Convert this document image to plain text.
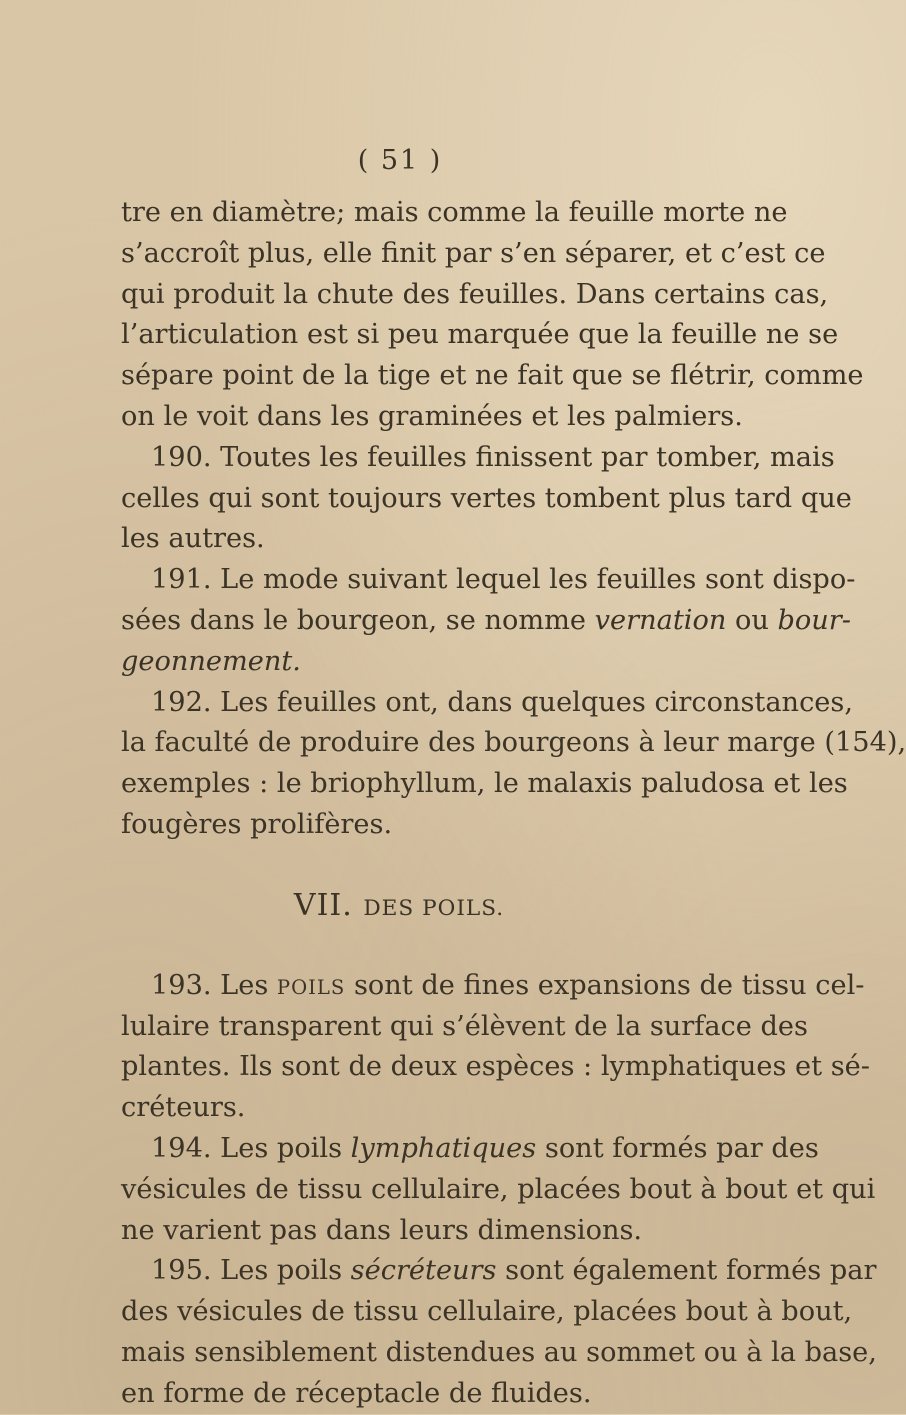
( 51 )
tre en diamètre; mais comme la feuille morte ne
s’accroît plus, elle finit par s’en séparer, et c’est ce
qui produit la chute des feuilles. Dans certains cas,
l’articulation est si peu marquée que la feuille ne se
sépare point de la tige et ne fait que se flétrir, comme
on le voit dans les graminées et les palmiers.
190. Toutes les feuilles finissent par tomber, mais
celles qui sont toujours vertes tombent plus tard que
les autres.
191. Le mode suivant lequel les feuilles sont dispo-
sées dans le bourgeon, se nomme vernation ou bour-
geonnement.
192. Les feuilles ont, dans quelques circonstances,
la faculté de produire des bourgeons à leur marge (154),
exemples : le briophyllum, le malaxis paludosa et les
fougères prolifères.
VII. DES POILS.
193. Les POILS sont de fines expansions de tissu cel-
lulaire transparent qui s’élèvent de la surface des
plantes. Ils sont de deux espèces : lymphatiques et sé-
créteurs.
194. Les poils lymphatiques sont formés par des
vésicules de tissu cellulaire, placées bout à bout et qui
ne varient pas dans leurs dimensions.
195. Les poils sécréteurs sont également formés par
des vésicules de tissu cellulaire, placées bout à bout,
mais sensiblement distendues au sommet ou à la base,
en forme de réceptacle de fluides.
